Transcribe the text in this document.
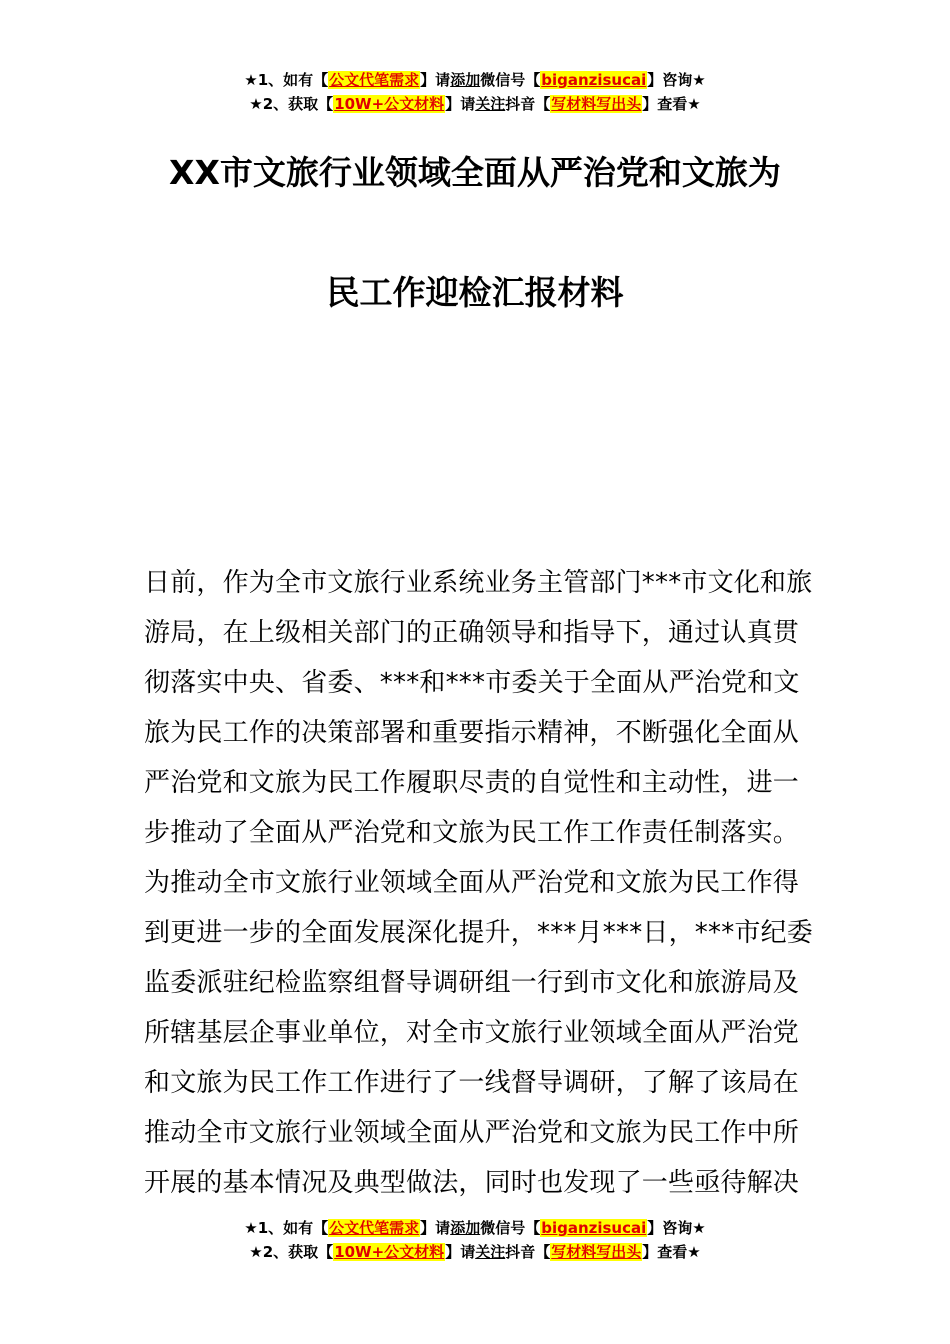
★1、如有【公文代笔需求】请添加微信号【biganzisucai】咨询★
★2、获取【10W+公文材料】请关注抖音【写材料写出头】查看★
XX市文旅行业领域全面从严治党和文旅为
民工作迎检汇报材料
日前，作为全市文旅行业系统业务主管部门***市文化和旅
游局，在上级相关部门的正确领导和指导下，通过认真贯
彻落实中央、省委、***和***市委关于全面从严治党和文
旅为民工作的决策部署和重要指示精神，不断强化全面从
严治党和文旅为民工作履职尽责的自觉性和主动性，进一
步推动了全面从严治党和文旅为民工作工作责任制落实。
为推动全市文旅行业领域全面从严治党和文旅为民工作得
到更进一步的全面发展深化提升，***月***日，***市纪委
监委派驻纪检监察组督导调研组一行到市文化和旅游局及
所辖基层企事业单位，对全市文旅行业领域全面从严治党
和文旅为民工作工作进行了一线督导调研，了解了该局在
推动全市文旅行业领域全面从严治党和文旅为民工作中所
开展的基本情况及典型做法，同时也发现了一些亟待解决
★1、如有【公文代笔需求】请添加微信号【biganzisucai】咨询★
★2、获取【10W+公文材料】请关注抖音【写材料写出头】查看★
